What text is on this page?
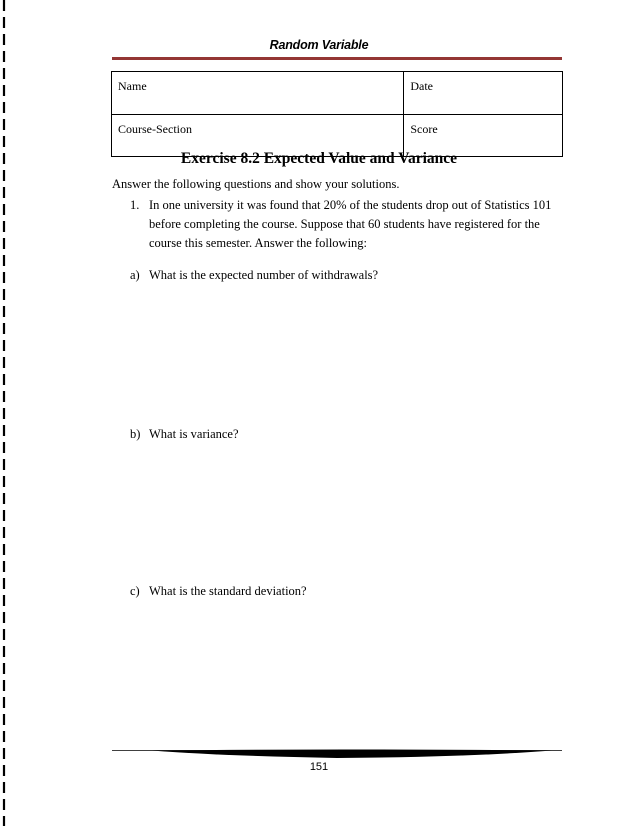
Random Variable
Name	Date
Course-Section	Score
Exercise 8.2 Expected Value and Variance
Answer the following questions and show your solutions.
1. In one university it was found that 20% of the students drop out of Statistics 101
before completing the course. Suppose that 60 students have registered for the
course this semester. Answer the following:
a) What is the expected number of withdrawals?
b) What is variance?
c) What is the standard deviation?
151
